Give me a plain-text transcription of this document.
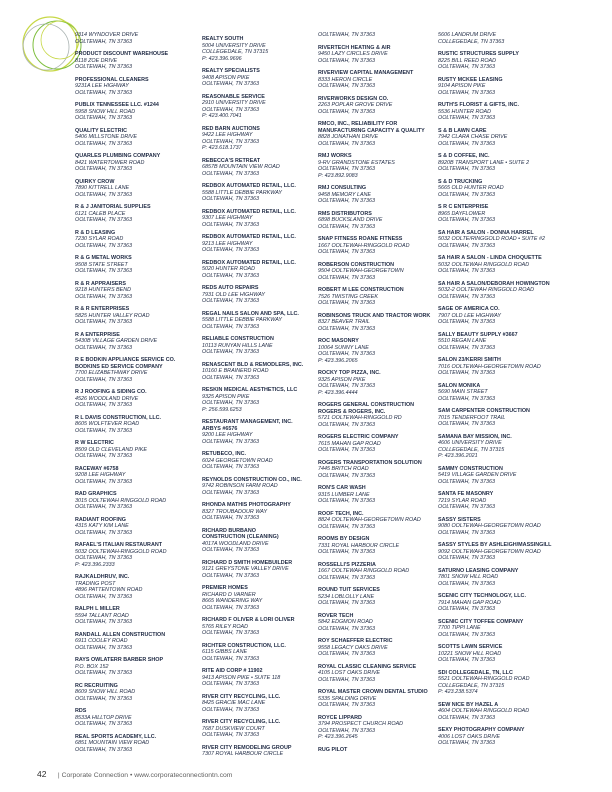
9314 WYNDOVER DRIVE
OOLTEWAH, TN 37363
PRODUCT DISCOUNT WAREHOUSE
8118 ZOE DRIVE
OOLTEWAH, TN 37363
PROFESSIONAL CLEANERS
9231A LEE HIGHWAY
OOLTEWAH, TN 37363
PUBLIX TENNESSEE LLC. #1244
5958 SNOW HILL ROAD
OOLTEWAH, TN 37363
QUALITY ELECTRIC
5406 MILLSTONE DRIVE
OOLTEWAH, TN 37363
QUARLES PLUMBING COMPANY
8421 WATERTOWER ROAD
OOLTEWAH, TN 37363
QUIRKY CROW
7890 KITTRELL LANE
OOLTEWAH, TN 37363
R & J JANITORIAL SUPPLIES
6121 CALEB PLACE
OOLTEWAH, TN 37363
R & D LEASING
7230 SYLAR ROAD
OOLTEWAH, TN 37363
R & G METAL WORKS
9508 STATE STREET
OOLTEWAH, TN 37363
R & R APPRAISERS
9218 HUNTERS BEND
OOLTEWAH, TN 37363
R & R ENTERPRISES
5825 HUNTER VALLEY ROAD
OOLTEWAH, TN 37363
R A ENTERPRISE
5430B VILLAGE GARDEN DRIVE
OOLTEWAH, TN 37363
R E BODKIN APPLIANCE SERVICE CO.
BODKINS ED SERVICE COMPANY
7700 ELIZABETHWAY DRIVE
OOLTEWAH, TN 37363
R J ROOFING & SIDING CO.
4526 WOODLAND DRIVE
OOLTEWAH, TN 37363
R L DAVIS CONSTRUCTION, LLC.
8605 WOLFTEVER ROAD
OOLTEWAH, TN 37363
R W ELECTRIC
8509 OLD CLEVELAND PIKE
OOLTEWAH, TN 37363
RACEWAY #6758
9208 LEE HIGHWAY
OOLTEWAH, TN 37363
RAD GRAPHICS
3015 OOLTEWAH RINGGOLD ROAD
OOLTEWAH, TN 37363
RADIANT ROOFING
4315 KATY KIM LANE
OOLTEWAH, TN 37363
RAFAEL'S ITALIAN RESTAURANT
5032 OOLTEWAH-RINGGOLD ROAD
OOLTEWAH, TN 37363
P: 423.396.2333
RAJKALDHRUV, INC.
TRADING POST
4896 PATTENTOWN ROAD
OOLTEWAH, TN 37363
RALPH L MILLER
5594 TALLANT ROAD
OOLTEWAH, TN 37363
RANDALL ALLEN CONSTRUCTION
6911 COOLEY ROAD
OOLTEWAH, TN 37363
RAYS OWLATERR BARBER SHOP
P.O. BOX 152
OOLTEWAH, TN 37363
RC RECRUITING
8609 SNOW HILL ROAD
OOLTEWAH, TN 37363
RDS
8533A HILLTOP DRIVE
OOLTEWAH, TN 37363
REAL SPORTS ACADEMY, LLC.
6851 MOUNTAIN VIEW ROAD
OOLTEWAH, TN 37363
REALTY SOUTH
5004 UNIVERSITY DRIVE
COLLEGEDALE, TN 37315
P: 423.396.9696
REALTY SPECIALISTS
9408 APISON PIKE
OOLTEWAH, TN 37363
REASONABLE SERVICE
2910 UNIVERSITY DRIVE
OOLTEWAH, TN 37363
P: 423.400.7041
RED BARN AUCTIONS
9422 LEE HIGHWAY
OOLTEWAH, TN 37363
P: 423.618.1737
REBECCA'S RETREAT
6857B MOUNTAIN VIEW ROAD
OOLTEWAH, TN 37363
REDBOX AUTOMATED RETAIL, LLC.
5588 LITTLE DEBBIE PARKWAY
OOLTEWAH, TN 37363
REDBOX AUTOMATED RETAIL, LLC.
9307 LEE HIGHWAY
OOLTEWAH, TN 37363
REDBOX AUTOMATED RETAIL, LLC.
9213 LEE HIGHWAY
OOLTEWAH, TN 37363
REDBOX AUTOMATED RETAIL, LLC.
5020 HUNTER ROAD
OOLTEWAH, TN 37363
REDS AUTO REPAIRS
7931 OLD LEE HIGHWAY
OOLTEWAH, TN 37363
REGAL NAILS SALON AND SPA, LLC.
5588 LITTLE DEBBIE PARKWAY
OOLTEWAH, TN 37363
RELIABLE CONSTRUCTION
10113 RUNYAN HILLS LANE
OOLTEWAH, TN 37363
RENASCENT BLD & REMODLERS, INC.
10160 E BRAINERD ROAD
OOLTEWAH, TN 37363
RESKIN MEDICAL AESTHETICS, LLC
9325 APISON PIKE
OOLTEWAH, TN 37363
P: 256.599.6253
RESTAURANT MANAGEMENT, INC.
ARBYS #6576
9200 LEE HIGHWAY
OOLTEWAH, TN 37363
RETUBECO, INC.
6024 GEORGETOWN ROAD
OOLTEWAH, TN 37363
REYNOLDS CONSTRUCTION CO., INC.
9742 ROBINSON FARM ROAD
OOLTEWAH, TN 37363
RHONDA MATHIS PHOTOGRAPHY
8327 TROUBADOUR WAY
OOLTEWAH, TN 37363
RICHARD BURBANO
CONSTRUCTION (CLEANING)
4017A WOODLAND DRIVE
OOLTEWAH, TN 37363
RICHARD D SMITH HOMEBUILDER
9121 GREYSTONE VALLEY DRIVE
OOLTEWAH, TN 37363
PREMIER HOMES
RICHARD D VARNER
8665 WANDERING WAY
OOLTEWAH, TN 37363
RICHARD F OLIVER & LORI OLIVER
5765 RILEY ROAD
OOLTEWAH, TN 37363
RICHTER CONSTRUCTION, LLC.
6115 GIBBS LANE
OOLTEWAH, TN 37363
RITE AID CORP # 11902
9413 APISON PIKE • SUITE 118
OOLTEWAH, TN 37363
RIVER CITY RECYCLING, LLC.
8425 GRACIE MAC LANE
OOLTEWAH, TN 37363
RIVER CITY RECYCLING, LLC.
7687 DUSKVIEW COURT
OOLTEWAH, TN 37363
RIVER CITY REMODELING GROUP
7307 ROYAL HARBOUR CIRCLE
OOLTEWAH, TN 37363
RIVERTECH HEATING & AIR
9450 LAZY CIRCLES DRIVE
OOLTEWAH, TN 37363
RIVERVIEW CAPITAL MANAGEMENT
8333 HERON CIRCLE
OOLTEWAH, TN 37363
RIVERWORKS DESIGN CO.
2263 POPLAR GROVE DRIVE
OOLTEWAH, TN 37363
RMCO, INC., RELIABILITY FOR
MANUFACTURING CAPACITY & QUALITY
8828 JONATHAN DRIVE
OOLTEWAH, TN 37363
RMJ WORKS
9-RV GRANDSTONE ESTATES
OOLTEWAH, TN 37363
P: 423.892.9083
RMJ CONSULTING
9458 MEMORY LANE
OOLTEWAH, TN 37363
RMS DISTRIBUTORS
6898 BUCKSLAND DRIVE
OOLTEWAH, TN 37363
SNAP FITNESS ROANE FITNESS
1667 OOLTEWAH-RINGGOLD ROAD
OOLTEWAH, TN 37363
ROBERSON CONSTRUCTION
9504 OOLTEWAH-GEORGETOWN
OOLTEWAH, TN 37363
ROBERT M LEE CONSTRUCTION
7526 TWISTING CREEK
OOLTEWAH, TN 37363
ROBINSONS TRUCK AND TRACTOR WORK
8327 BEAVER TRAIL
OOLTEWAH, TN 37363
ROC MASONRY
10064 SUNNY LANE
OOLTEWAH, TN 37363
P: 423.396.2065
ROCKY TOP PIZZA, INC.
9325 APISON PIKE
OOLTEWAH, TN 37363
P: 423.396.4444
ROGERS GENERAL CONSTRUCTION
ROGERS & ROGERS, INC.
5721 OOLTEWAH-RINGGOLD RD
OOLTEWAH, TN 37363
ROGERS ELECTRIC COMPANY
7615 MAHAN GAP ROAD
OOLTEWAH, TN 37363
ROGERS TRANSPORTATION SOLUTION
7445 BRITCH ROAD
OOLTEWAH, TN 37363
RON'S CAR WASH
9315 LUMBER LANE
OOLTEWAH, TN 37363
ROOF TECH, INC.
8824 OOLTEWAH-GEORGETOWN ROAD
OOLTEWAH, TN 37363
ROOMS BY DESIGN
7331 ROYAL HARBOUR CIRCLE
OOLTEWAH, TN 37363
ROSSELLI'S PIZZERIA
1667 OOLTEWAH RINGGOLD ROAD
OOLTEWAH, TN 37363
ROUND TUIT SERVICES
5234 LOBLOLLY LANE
OOLTEWAH, TN 37363
ROVER TECH
5842 EDGMON ROAD
OOLTEWAH, TN 37363
ROY SCHAEFFER ELECTRIC
9558 LEGACY OAKS DRIVE
OOLTEWAH, TN 37363
ROYAL CLASSIC CLEANING SERVICE
4105 LOST OAKS DRIVE
OOLTEWAH, TN 37363
ROYAL MASTER CROWN DENTAL STUDIO
5335 SPALDING DRIVE
OOLTEWAH, TN 37363
ROYCE LIPPARD
3794 PROSPECT CHURCH ROAD
OOLTEWAH, TN 37363
P: 423.396.2645
RUG PILOT
5606 LANDRUM DRIVE
COLLEGEDALE, TN 37363
RUSTIC STRUCTURES SUPPLY
8225 BILL REED ROAD
OOLTEWAH, TN 37363
RUSTY MCKEE LEASING
9104 APISON PIKE
OOLTEWAH, TN 37363
RUTH'S FLORIST & GIFTS, INC.
5536 HUNTER ROAD
OOLTEWAH, TN 37363
S & B LAWN CARE
7942 CLARA CHASE DRIVE
OOLTEWAH, TN 37363
S & D COFFEE, INC.
8920B TRANSPORT LANE • SUITE 2
OOLTEWAH, TN 37363
S & D TRUCKING
5665 OLD HUNTER ROAD
OOLTEWAH, TN 37363
S R C ENTERPRISE
8965 DAYFLOWER
OOLTEWAH, TN 37363
SA HAIR A SALON - DONNA HARREL
5032 OOLTE/RINGGOLD ROAD • SUITE #2
OOLTEWAH, TN 37363
SA HAIR A SALON - LINDA CHOQUETTE
5032 OOLTEWAH RINGGOLD ROAD
OOLTEWAH, TN 37363
SA HAIR A SALON/DEBORAH HOWINGTON
5032-2 OOLTEWAH RINGGOLD ROAD
OOLTEWAH, TN 37363
SAGE OF AMERICA CO.
7907 OLD LEE HIGHWAY
OOLTEWAH, TN 37363
SALLY BEAUTY SUPPLY #3667
5510 REGAN LANE
OOLTEWAH, TN 37363
SALON 23/KERRI SMITH
7016 OOLTEWAH-GEORGETOWN ROAD
OOLTEWAH, TN 37363
SALON MONIKA
5690 MAIN STREET
OOLTEWAH, TN 37363
SAM CARPENTER CONSTRUCTION
7015 TENDERFOOT TRAIL
OOLTEWAH, TN 37363
SAMANA BAY MISSION, INC.
4606 UNIVERSITY DRIVE
COLLEGEDALE, TN 37315
P: 423.396.2021
SAMMY CONSTRUCTION
5419 VILLAGE GARDEN DRIVE
OOLTEWAH, TN 37363
SANTA FE MASONRY
7219 SYLAR ROAD
OOLTEWAH, TN 37363
SASSY SISTERS
9080 OOLTEWAH-GEORGETOWN ROAD
OOLTEWAH, TN 37363
SASSY STYLES BY ASHLEIGH/MASSINGILL
9092 OOLTEWAH-GEORGETOWN ROAD
OOLTEWAH, TN 37363
SATURNO LEASING COMPANY
7801 SNOW HILL ROAD
OOLTEWAH, TN 37363
SCENIC CITY TECHNOLOGY, LLC.
7914 MAHAN GAP ROAD
OOLTEWAH, TN 37363
SCENIC CITY TOFFEE COMPANY
7700 TIPPI LANE
OOLTEWAH, TN 37363
SCOTTS LAWN SERVICE
10221 SNOW HILL ROAD
OOLTEWAH, TN 37363
SDI COLLEGEDALE, TN, LLC
5521 OOLTEWAH-RINGGOLD ROAD
COLLEGEDALE, TN 37315
P: 423.238.5374
SEW NICE BY HAZEL A
4604 OOLTEWAH RINGGOLD ROAD
OOLTEWAH, TN 37363
SEXY PHOTOGRAPHY COMPANY
4006 LOST OAKS DRIVE
OOLTEWAH, TN 37363
42 | Corporate Connection • www.corporateconnectiontn.com
